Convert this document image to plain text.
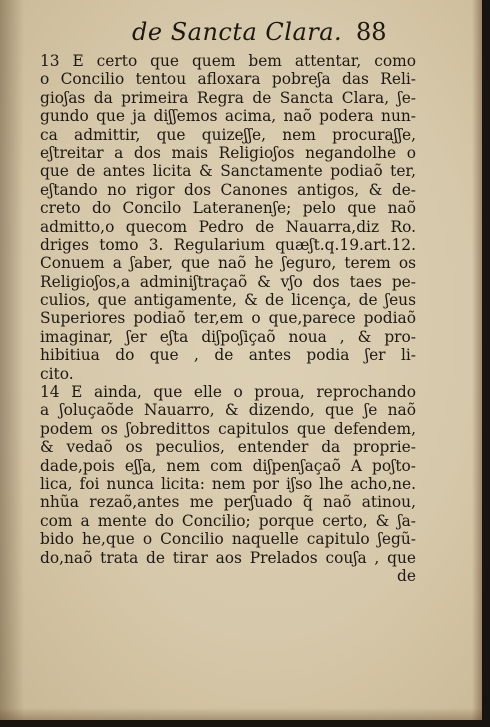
de Sancta Clara. 88
13 E certo que quem bem attentar, como
o Concilio tentou afloxara pobreʃa das Reli-
gioʃas da primeira Regra de Sancta Clara, ʃe-
gundo que ja diʃʃemos acima, naõ podera nun-
ca admittir, que quizeʃʃe, nem procuraʃʃe,
eʃtreitar a dos mais Religioʃos negandolhe o
que de antes licita & Sanctamente podiaõ ter,
eʃtando no rigor dos Canones antigos, & de-
creto do Concilo Lateranenʃe; pelo que naõ
admitto,o quecom Pedro de Nauarra,diz Ro.
driges tomo 3. Regularium quæʃt.q.19.art.12.
Conuem a ʃaber, que naõ he ʃeguro, terem os
Religioʃos,a adminiʃtraçaõ & vʃo dos taes pe-
culios, que antigamente, & de licença, de ʃeus
Superiores podiaõ ter,em o que,parece podiaõ
imaginar, ʃer eʃta diʃpoʃiçaõ noua , & pro-
hibitiua do que , de antes podia ʃer li-
cito.
14 E ainda, que elle o proua, reprochando
a ʃoluçaõde Nauarro, & dizendo, que ʃe naõ
podem os ʃobredittos capitulos que defendem,
& vedaõ os peculios, entender da proprie-
dade,pois eʃʃa, nem com diʃpenʃaçaõ A poʃto-
lica, foi nunca licita: nem por iʃso lhe acho,ne.
nhũa rezaõ,antes me perʃuado q̃ naõ atinou,
com a mente do Concilio; porque certo, & ʃa-
bido he,que o Concilio naquelle capitulo ʃegũ-
do,naõ trata de tirar aos Prelados couʃa , que
de
